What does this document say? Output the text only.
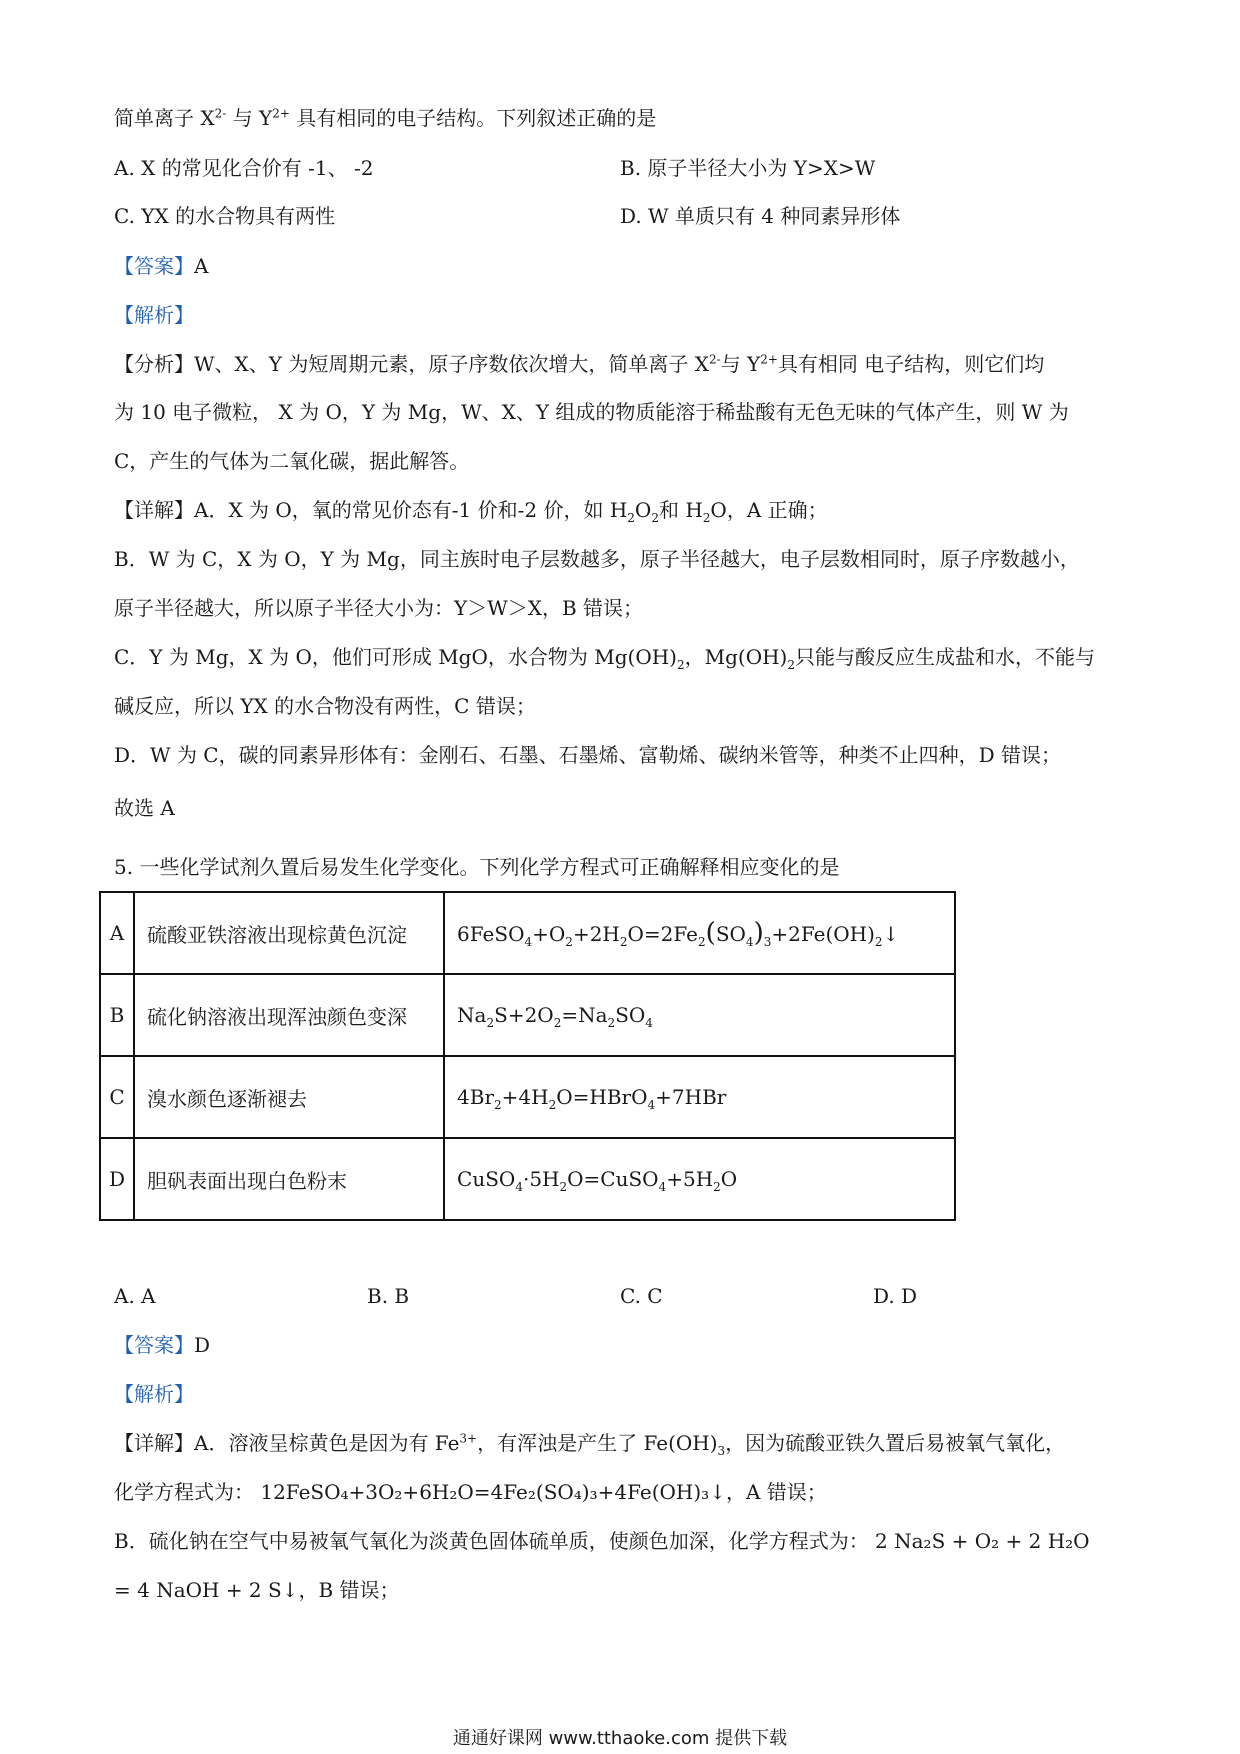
简单离子 $X^{2-}$ 与 $Y^{2+}$ 具有相同的电子结构。下列叙述正确的是
A. X 的常见化合价有 -1、 -2	B. 原子半径大小为 Y>X>W
C. YX 的水合物具有两性	D. W 单质只有 4 种同素异形体
【答案】A
【解析】
【分析】W、X、Y 为短周期元素，原子序数依次增大，简单离子 $X^{2-}$与 $Y^{2+}$具有相同 电子结构，则它们均
为 10 电子微粒， X 为 O，Y 为 Mg，W、X、Y 组成的物质能溶于稀盐酸有无色无味的气体产生，则 W 为
C，产生的气体为二氧化碳，据此解答。
【详解】A．X 为 O，氧的常见价态有-1 价和-2 价，如 $H_2O_2$和 $H_2O$，A 正确；
B．W 为 C，X 为 O，Y 为 Mg，同主族时电子层数越多，原子半径越大，电子层数相同时，原子序数越小，
原子半径越大，所以原子半径大小为：Y＞W＞X，B 错误；
C．Y 为 Mg，X 为 O，他们可形成 MgO，水合物为 $Mg(OH)_2$，$Mg(OH)_2$只能与酸反应生成盐和水，不能与
碱反应，所以 YX 的水合物没有两性，C 错误；
D．W 为 C，碳的同素异形体有：金刚石、石墨、石墨烯、富勒烯、碳纳米管等，种类不止四种，D 错误；
故选 A
5. 一些化学试剂久置后易发生化学变化。下列化学方程式可正确解释相应变化的是
A	硫酸亚铁溶液出现棕黄色沉淀	$6FeSO_4+O_2+2H_2O=2Fe_2(SO_4)_3+2Fe(OH)_2↓$
B	硫化钠溶液出现浑浊颜色变深	$Na_2S+2O_2=Na_2SO_4$
C	溴水颜色逐渐褪去	$4Br_2+4H_2O=HBrO_4+7HBr$
D	胆矾表面出现白色粉末	$CuSO_4\cdot 5H_2O=CuSO_4+5H_2O$
A. A	B. B	C. C	D. D
【答案】D
【解析】
【详解】A．溶液呈棕黄色是因为有 $Fe^{3+}$，有浑浊是产生了 $Fe(OH)_3$，因为硫酸亚铁久置后易被氧气氧化，
化学方程式为： 12FeSO₄+3O₂+6H₂O=4Fe₂(SO₄)₃+4Fe(OH)₃↓，A 错误；
B．硫化钠在空气中易被氧气氧化为淡黄色固体硫单质，使颜色加深，化学方程式为： 2 Na₂S + O₂ + 2 H₂O
= 4 NaOH + 2 S↓，B 错误；
通通好课网 www.tthaoke.com 提供下载
